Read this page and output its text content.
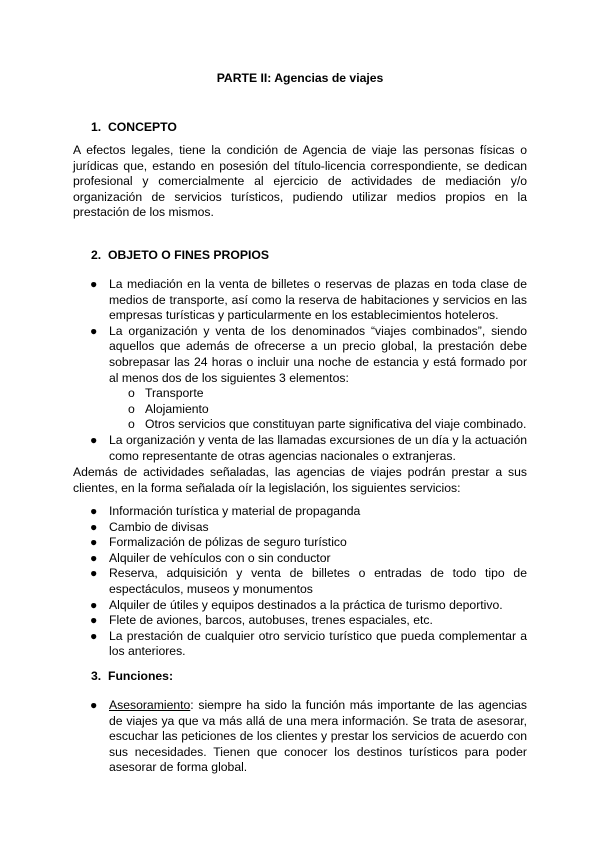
PARTE II: Agencias de viajes
1. CONCEPTO

A efectos legales, tiene la condición de Agencia de viaje las personas físicas o jurídicas que, estando en posesión del título-licencia correspondiente, se dedican profesional y comercialmente al ejercicio de actividades de mediación y/o organización de servicios turísticos, pudiendo utilizar medios propios en la prestación de los mismos.

2. OBJETO O FINES PROPIOS
● La mediación en la venta de billetes o reservas de plazas en toda clase de medios de transporte, así como la reserva de habitaciones y servicios en las empresas turísticas y particularmente en los establecimientos hoteleros.
● La organización y venta de los denominados “viajes combinados”, siendo aquellos que además de ofrecerse a un precio global, la prestación debe sobrepasar las 24 horas o incluir una noche de estancia y está formado por al menos dos de los siguientes 3 elementos:
o Transporte
o Alojamiento
o Otros servicios que constituyan parte significativa del viaje combinado.
● La organización y venta de las llamadas excursiones de un día y la actuación como representante de otras agencias nacionales o extranjeras.

Además de actividades señaladas, las agencias de viajes podrán prestar a sus clientes, en la forma señalada oír la legislación, los siguientes servicios:

● Información turística y material de propaganda
● Cambio de divisas
● Formalización de pólizas de seguro turístico
● Alquiler de vehículos con o sin conductor
● Reserva, adquisición y venta de billetes o entradas de todo tipo de espectáculos, museos y monumentos
● Alquiler de útiles y equipos destinados a la práctica de turismo deportivo.
● Flete de aviones, barcos, autobuses, trenes espaciales, etc.
● La prestación de cualquier otro servicio turístico que pueda complementar a los anteriores.
3. Funciones:
● Asesoramiento: siempre ha sido la función más importante de las agencias de viajes ya que va más allá de una mera información. Se trata de asesorar, escuchar las peticiones de los clientes y prestar los servicios de acuerdo con sus necesidades. Tienen que conocer los destinos turísticos para poder asesorar de forma global.
